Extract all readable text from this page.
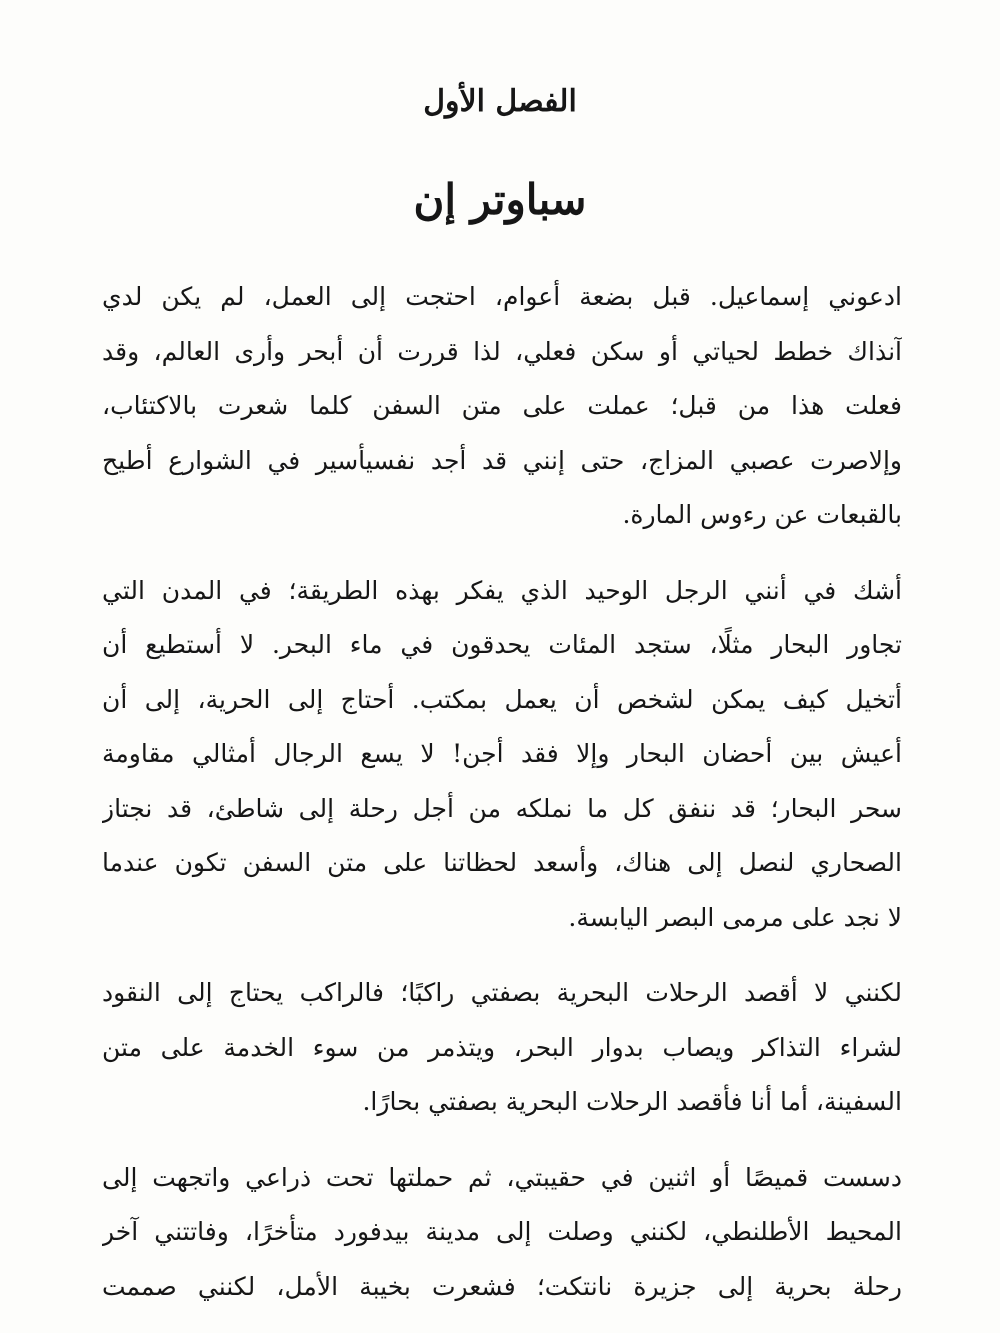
الفصل الأول
سباوتر إن
ادعوني إسماعيل. قبل بضعة أعوام، احتجت إلى العمل، لم يكن لدي
آنذاك خطط لحياتي أو سكن فعلي، لذا قررت أن أبحر وأرى العالم، وقد
فعلت هذا من قبل؛ عملت على متن السفن كلما شعرت بالاكتئاب،
وإلاصرت عصبي المزاج، حتى إنني قد أجد نفسيأسير في الشوارع أطيح
بالقبعات عن رءوس المارة.
أشك في أنني الرجل الوحيد الذي يفكر بهذه الطريقة؛ في المدن التي
تجاور البحار مثلًا، ستجد المئات يحدقون في ماء البحر. لا أستطيع أن
أتخيل كيف يمكن لشخص أن يعمل بمكتب. أحتاج إلى الحرية، إلى أن
أعيش بين أحضان البحار وإلا فقد أجن! لا يسع الرجال أمثالي مقاومة
سحر البحار؛ قد ننفق كل ما نملكه من أجل رحلة إلى شاطئ، قد نجتاز
الصحاري لنصل إلى هناك، وأسعد لحظاتنا على متن السفن تكون عندما
لا نجد على مرمى البصر اليابسة.
لكنني لا أقصد الرحلات البحرية بصفتي راكبًا؛ فالراكب يحتاج إلى النقود
لشراء التذاكر ويصاب بدوار البحر، ويتذمر من سوء الخدمة على متن
السفينة، أما أنا فأقصد الرحلات البحرية بصفتي بحارًا.
دسست قميصًا أو اثنين في حقيبتي، ثم حملتها تحت ذراعي واتجهت إلى
المحيط الأطلنطي، لكنني وصلت إلى مدينة بيدفورد متأخرًا، وفاتتني آخر
رحلة بحرية إلى جزيرة نانتكت؛ فشعرت بخيبة الأمل، لكنني صممت
